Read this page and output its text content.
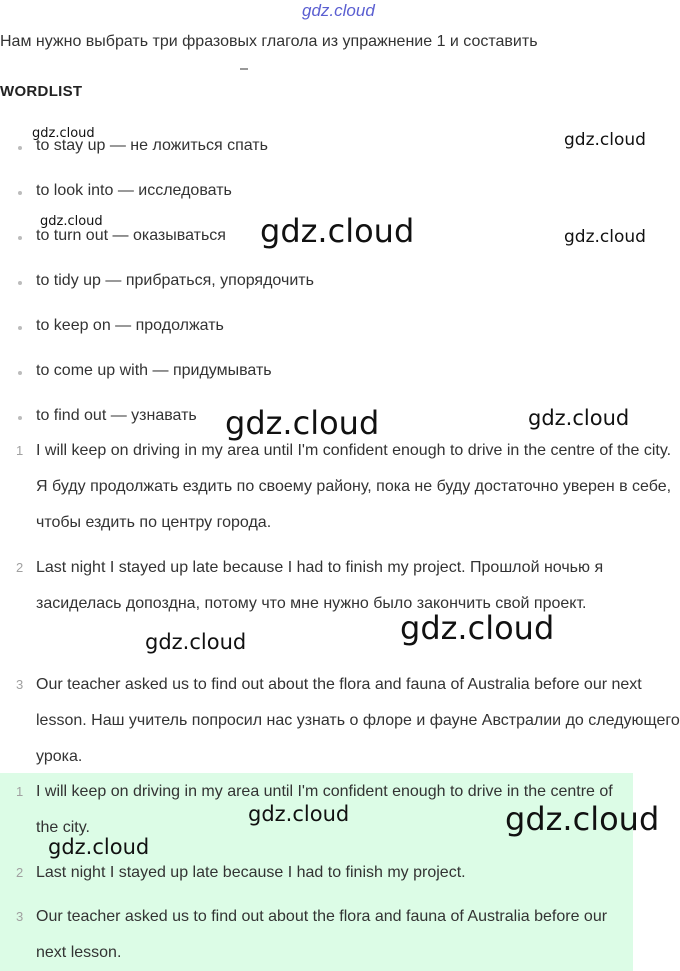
gdz.cloud
Нам нужно выбрать три фразовых глагола из упражнение 1 и составить
WORDLIST
to stay up — не ложиться спать
to look into — исследовать
to turn out — оказываться
to tidy up — прибраться, упорядочить
to keep on — продолжать
to come up with — придумывать
to find out — узнавать
1 I will keep on driving in my area until I'm confident enough to drive in the centre of the city. Я буду продолжать ездить по своему району, пока не буду достаточно уверен в себе, чтобы ездить по центру города.
2 Last night I stayed up late because I had to finish my project. Прошлой ночью я засиделась допоздна, потому что мне нужно было закончить свой проект.
3 Our teacher asked us to find out about the flora and fauna of Australia before our next lesson. Наш учитель попросил нас узнать о флоре и фауне Австралии до следующего урока.
1 I will keep on driving in my area until I'm confident enough to drive in the centre of the city.
2 Last night I stayed up late because I had to finish my project.
3 Our teacher asked us to find out about the flora and fauna of Australia before our next lesson.
gdz.cloud	gdz.cloud
gdz.cloud	gdz.cloud	gdz.cloud
gdz.cloud	gdz.cloud
gdz.cloud
gdz.cloud
gdz.cloud	gdz.cloud
gdz.cloud
